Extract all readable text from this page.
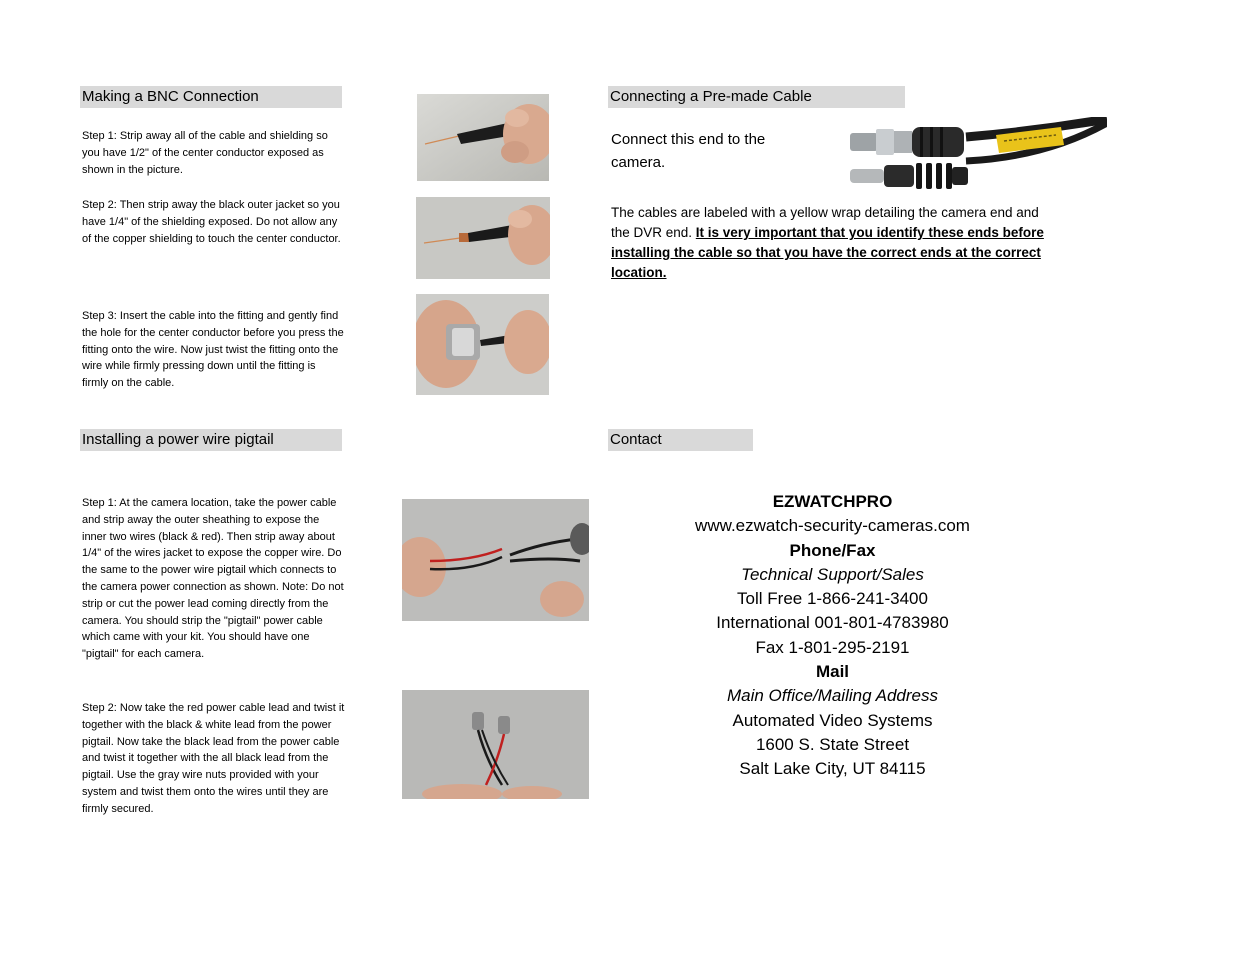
Making a BNC Connection

Step 1: Strip away all of the cable and shielding so you have 1/2" of the center conductor exposed as shown in the picture.

Step 2: Then strip away the black outer jacket so you have 1/4" of the shielding exposed. Do not allow any of the copper shielding to touch the center conductor.

Step 3: Insert the cable into the fitting and gently find the hole for the center conductor before you press the fitting onto the wire. Now just twist the fitting onto the wire while firmly pressing down until the fitting is firmly on the cable.

Installing a power wire pigtail

Step 1: At the camera location, take the power cable and strip away the outer sheathing to expose the inner two wires (black & red). Then strip away about 1/4" of the wires jacket to expose the copper wire. Do the same to the power wire pigtail which connects to the camera power connection as shown. Note: Do not strip or cut the power lead coming directly from the camera. You should strip the "pigtail" power cable which came with your kit. You should have one "pigtail" for each camera.

Step 2: Now take the red power cable lead and twist it together with the black & white lead from the power pigtail. Now take the black lead from the power cable and twist it together with the all black lead from the pigtail. Use the gray wire nuts provided with your system and twist them onto the wires until they are firmly secured.

Connecting a Pre-made Cable
Connect this end to the camera.

The cables are labeled with a yellow wrap detailing the camera end and the DVR end. It is very important that you identify these ends before installing the cable so that you have the correct ends at the correct location.

Contact
EZWATCHPRO
www.ezwatch-security-cameras.com
Phone/Fax
Technical Support/Sales
Toll Free 1-866-241-3400
International 001-801-4783980
Fax 1-801-295-2191
Mail
Main Office/Mailing Address
Automated Video Systems
1600 S. State Street
Salt Lake City, UT 84115
